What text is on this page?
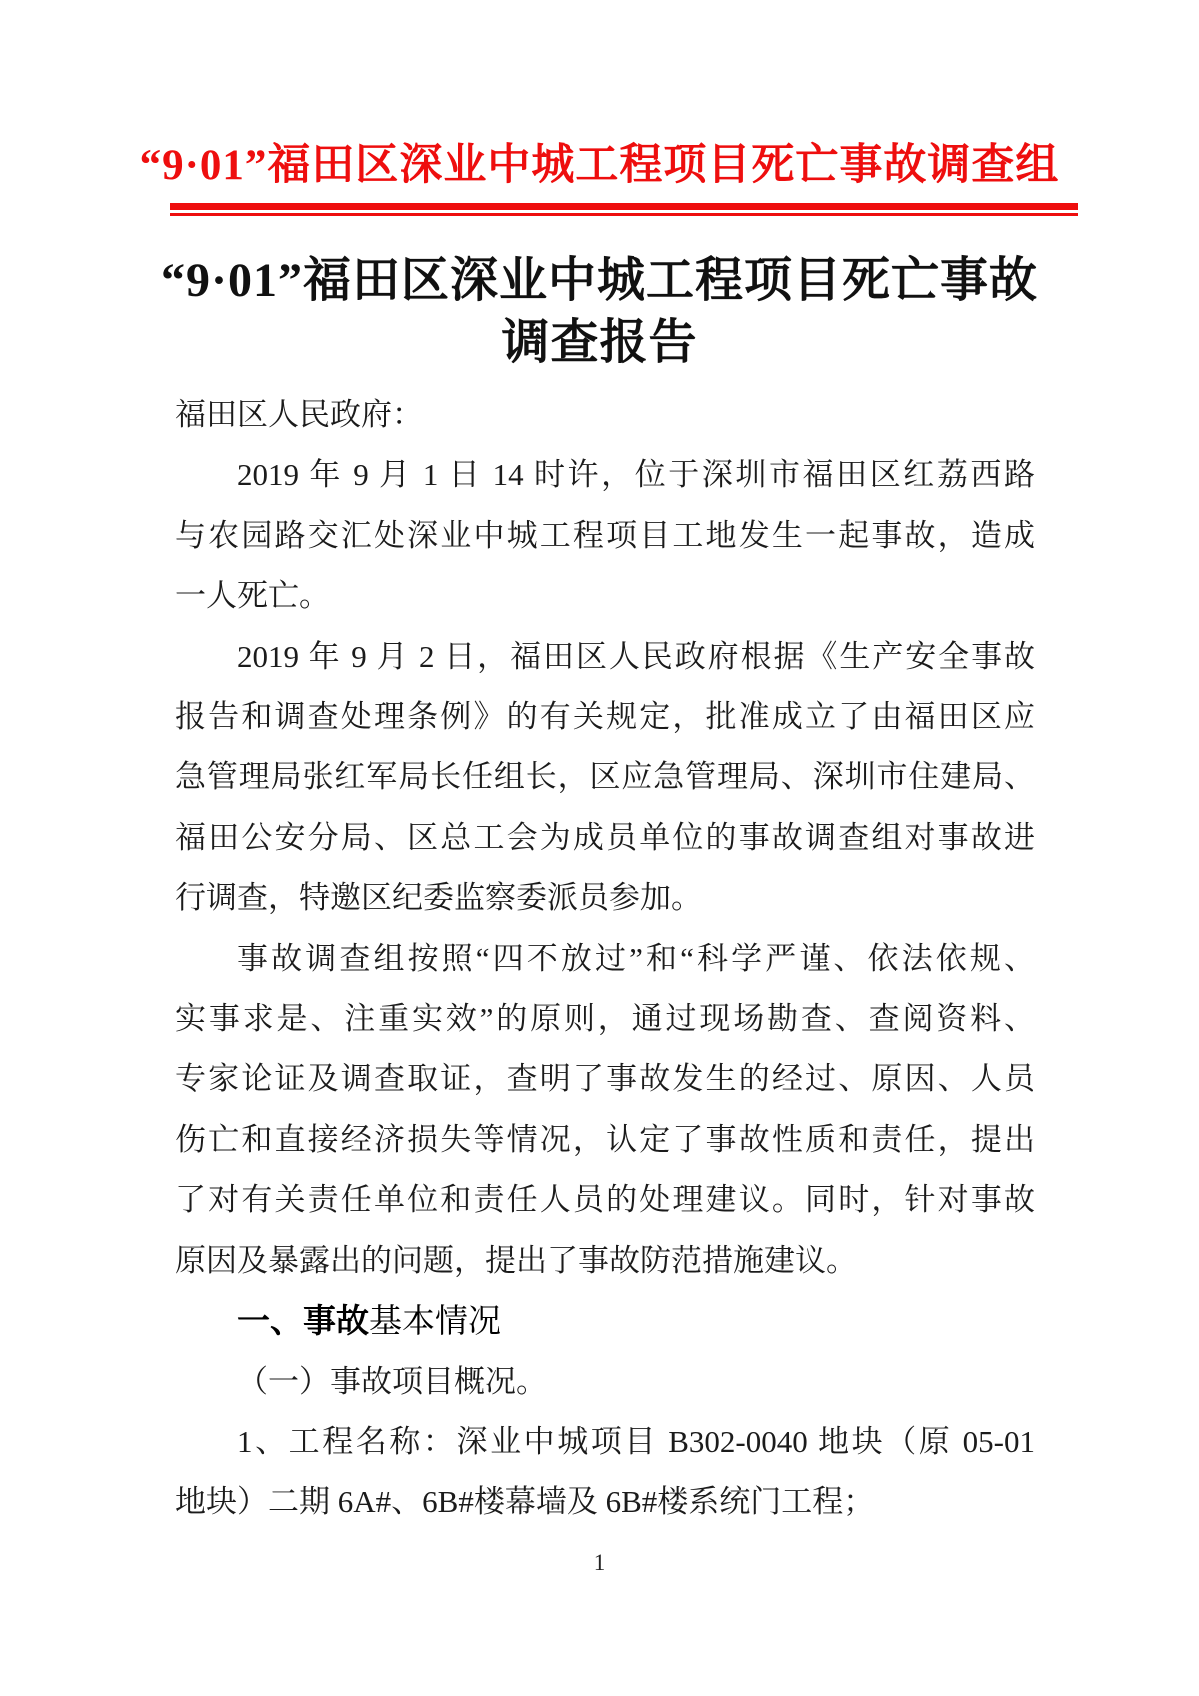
“9·01”福田区深业中城工程项目死亡事故调查组
“9·01”福田区深业中城工程项目死亡事故
调查报告
福田区人民政府：
2019 年 9 月 1 日 14 时许，位于深圳市福田区红荔西路
与农园路交汇处深业中城工程项目工地发生一起事故，造成
一人死亡。
2019 年 9 月 2 日，福田区人民政府根据《生产安全事故
报告和调查处理条例》的有关规定，批准成立了由福田区应
急管理局张红军局长任组长，区应急管理局、深圳市住建局、
福田公安分局、区总工会为成员单位的事故调查组对事故进
行调查，特邀区纪委监察委派员参加。
事故调查组按照“四不放过”和“科学严谨、依法依规、
实事求是、注重实效”的原则，通过现场勘查、查阅资料、
专家论证及调查取证，查明了事故发生的经过、原因、人员
伤亡和直接经济损失等情况，认定了事故性质和责任，提出
了对有关责任单位和责任人员的处理建议。同时，针对事故
原因及暴露出的问题，提出了事故防范措施建议。
一、事故基本情况
（一）事故项目概况。
1、工程名称：深业中城项目 B302-0040 地块（原 05-01
地块）二期 6A#、6B#楼幕墙及 6B#楼系统门工程；
1
